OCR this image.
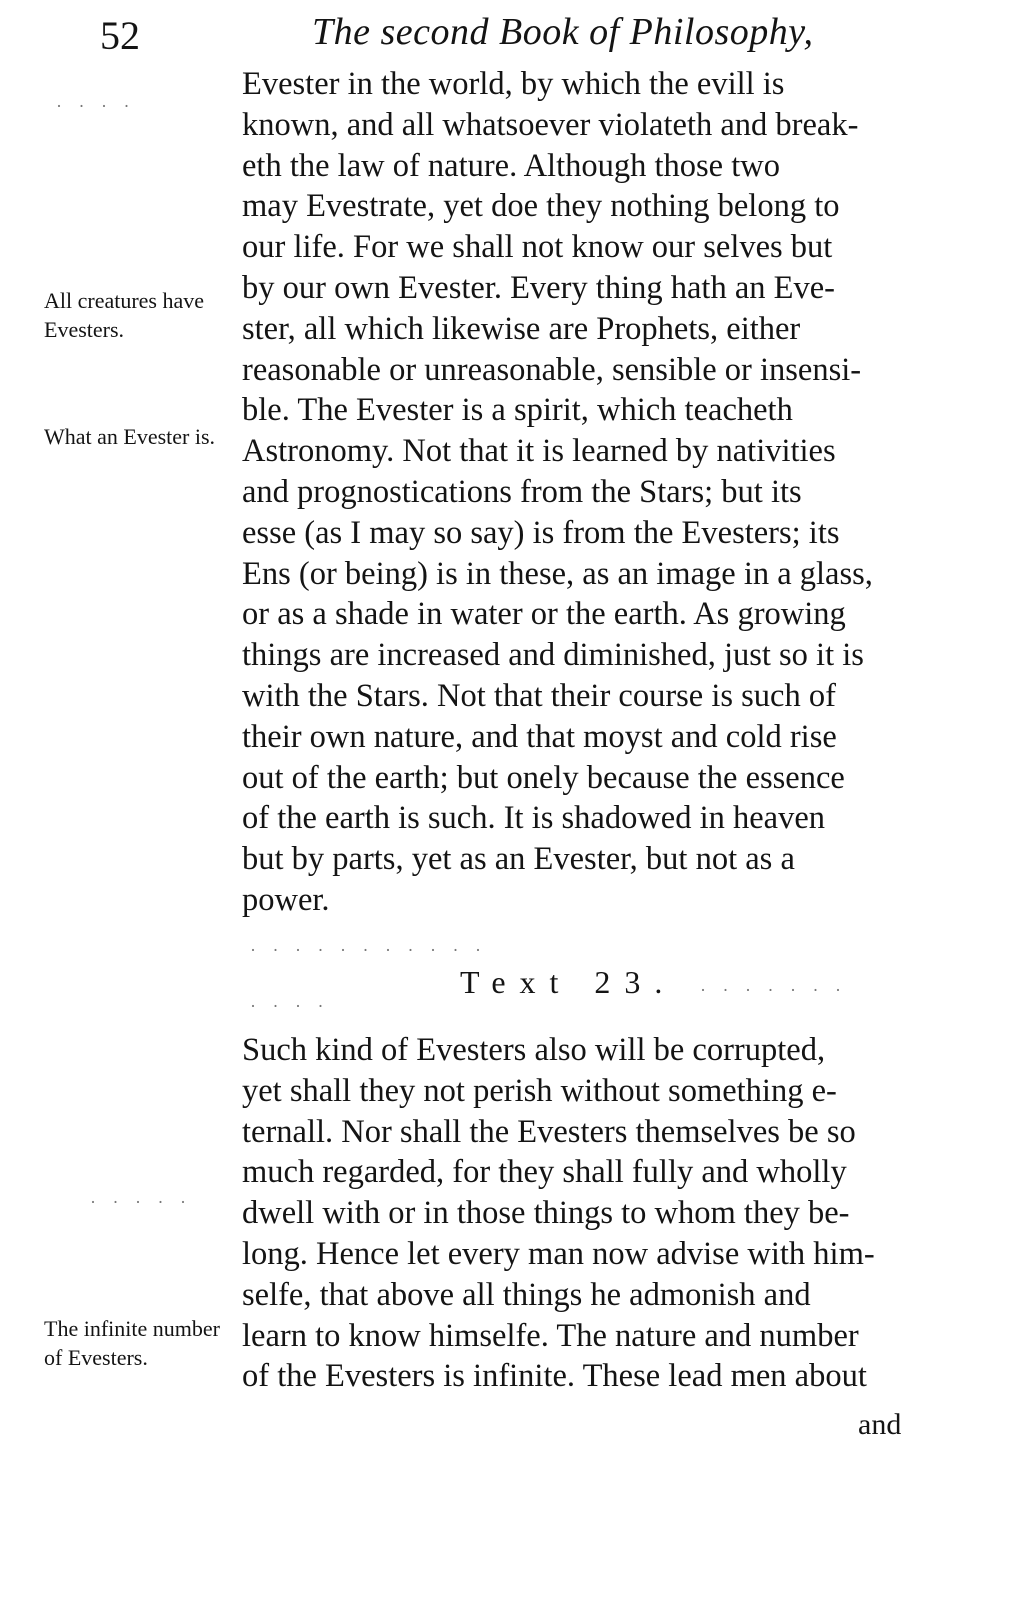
52	The second Book of Philosophy,
All creatures have Evesters.
What an Evester is.
The infinite number of Evesters.
Evester in the world, by which the evill is
known, and all whatsoever violateth and break-
eth the law of nature. Although those two
may Evestrate, yet doe they nothing belong to
our life. For we shall not know our selves but
by our own Evester. Every thing hath an Eve-
ster, all which likewise are Prophets, either
reasonable or unreasonable, sensible or insensi-
ble. The Evester is a spirit, which teacheth
Astronomy. Not that it is learned by nativities
and prognostications from the Stars; but its
esse (as I may so say) is from the Evesters; its
Ens (or being) is in these, as an image in a glass,
or as a shade in water or the earth. As growing
things are increased and diminished, just so it is
with the Stars. Not that their course is such of
their own nature, and that moyst and cold rise
out of the earth; but onely because the essence
of the earth is such. It is shadowed in heaven
but by parts, yet as an Evester, but not as a
power.
Text 23.
Such kind of Evesters also will be corrupted,
yet shall they not perish without something e-
ternall. Nor shall the Evesters themselves be so
much regarded, for they shall fully and wholly
dwell with or in those things to whom they be-
long. Hence let every man now advise with him-
selfe, that above all things he admonish and
learn to know himselfe. The nature and number
of the Evesters is infinite. These lead men about
and
· · · ·
· · · · · · · · · · ·
· · · ·
· · · · · · ·
· · · · ·
